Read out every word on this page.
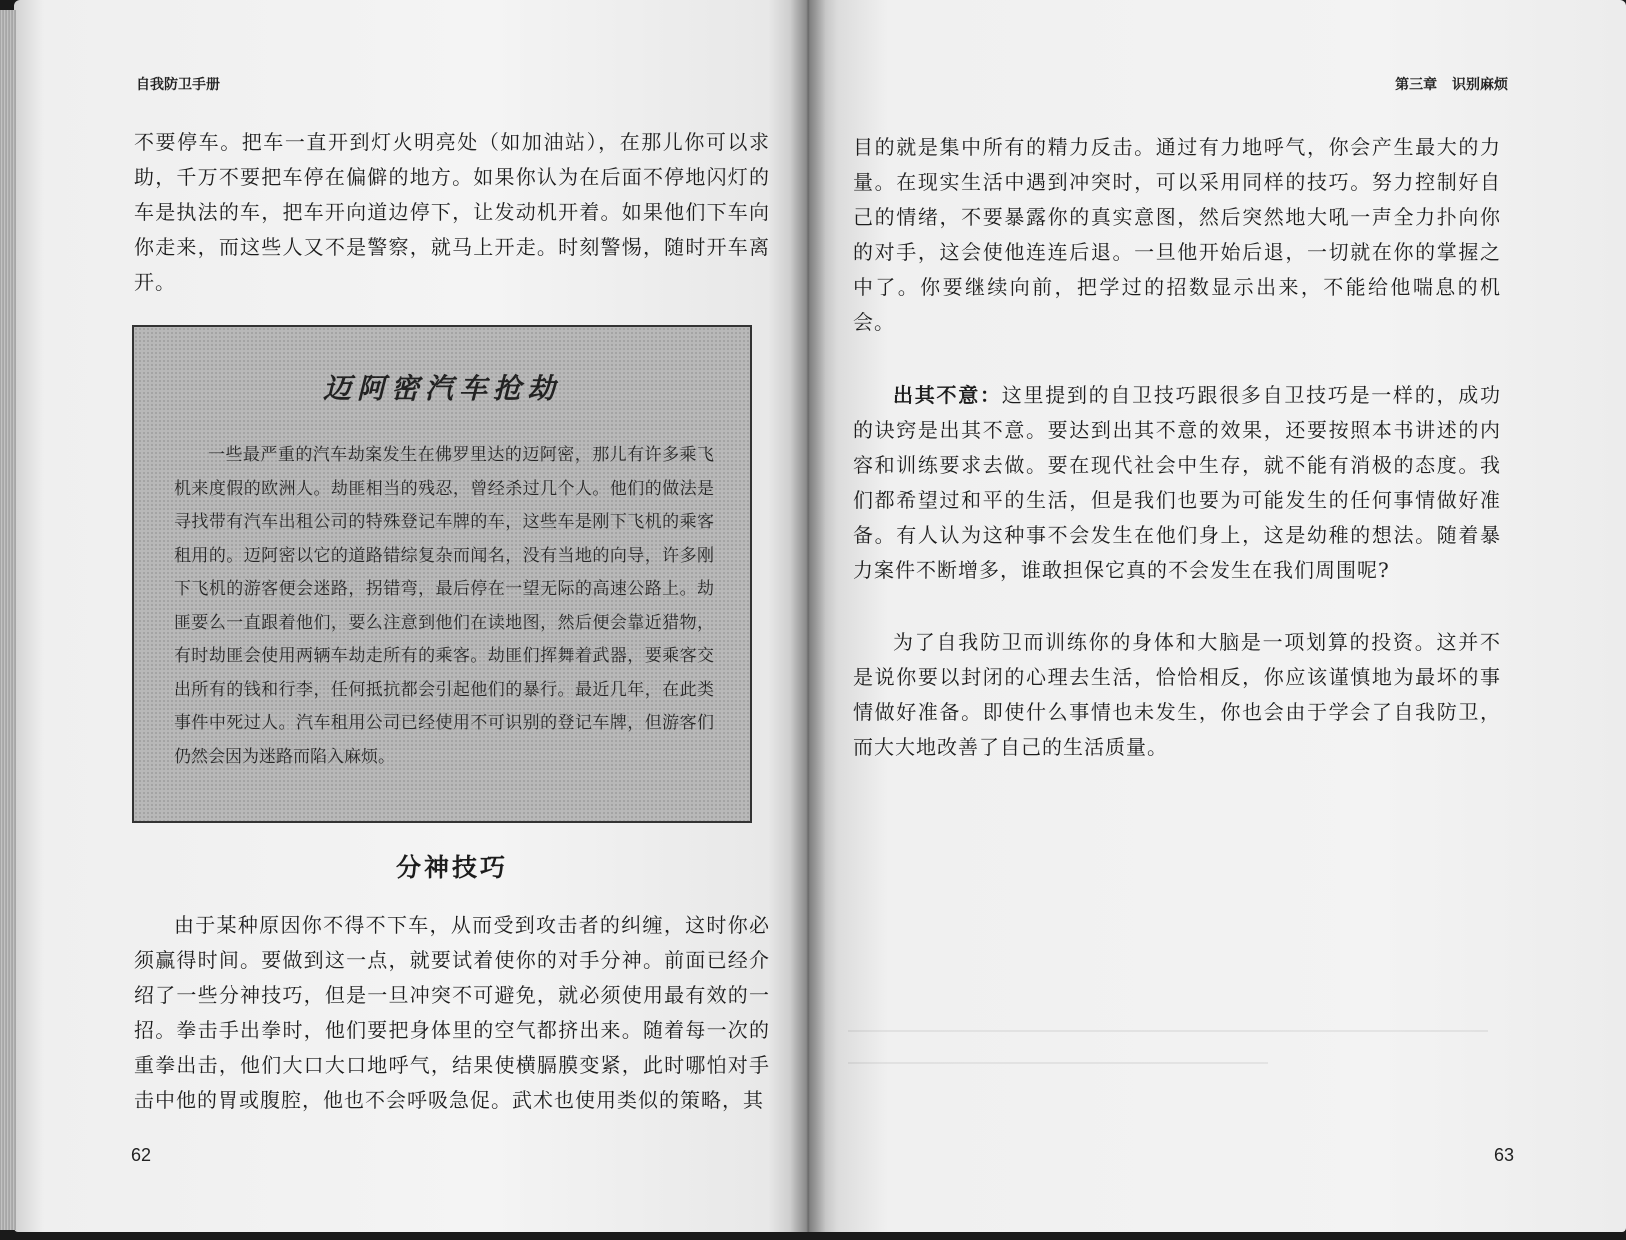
自我防卫手册

不要停车。把车一直开到灯火明亮处（如加油站），在那儿你可以求助，千万不要把车停在偏僻的地方。如果你认为在后面不停地闪灯的车是执法的车，把车开向道边停下，让发动机开着。如果他们下车向你走来，而这些人又不是警察，就马上开走。时刻警惕，随时开车离开。

迈阿密汽车抢劫

一些最严重的汽车劫案发生在佛罗里达的迈阿密，那儿有许多乘飞机来度假的欧洲人。劫匪相当的残忍，曾经杀过几个人。他们的做法是寻找带有汽车出租公司的特殊登记车牌的车，这些车是刚下飞机的乘客租用的。迈阿密以它的道路错综复杂而闻名，没有当地的向导，许多刚下飞机的游客便会迷路，拐错弯，最后停在一望无际的高速公路上。劫匪要么一直跟着他们，要么注意到他们在读地图，然后便会靠近猎物，有时劫匪会使用两辆车劫走所有的乘客。劫匪们挥舞着武器，要乘客交出所有的钱和行李，任何抵抗都会引起他们的暴行。最近几年，在此类事件中死过人。汽车租用公司已经使用不可识别的登记车牌，但游客们仍然会因为迷路而陷入麻烦。

分神技巧

由于某种原因你不得不下车，从而受到攻击者的纠缠，这时你必须赢得时间。要做到这一点，就要试着使你的对手分神。前面已经介绍了一些分神技巧，但是一旦冲突不可避免，就必须使用最有效的一招。拳击手出拳时，他们要把身体里的空气都挤出来。随着每一次的重拳出击，他们大口大口地呼气，结果使横膈膜变紧，此时哪怕对手击中他的胃或腹腔，他也不会呼吸急促。武术也使用类似的策略，其

62
第三章 识别麻烦

目的就是集中所有的精力反击。通过有力地呼气，你会产生最大的力量。在现实生活中遇到冲突时，可以采用同样的技巧。努力控制好自己的情绪，不要暴露你的真实意图，然后突然地大吼一声全力扑向你的对手，这会使他连连后退。一旦他开始后退，一切就在你的掌握之中了。你要继续向前，把学过的招数显示出来，不能给他喘息的机会。

出其不意：这里提到的自卫技巧跟很多自卫技巧是一样的，成功的诀窍是出其不意。要达到出其不意的效果，还要按照本书讲述的内容和训练要求去做。要在现代社会中生存，就不能有消极的态度。我们都希望过和平的生活，但是我们也要为可能发生的任何事情做好准备。有人认为这种事不会发生在他们身上，这是幼稚的想法。随着暴力案件不断增多，谁敢担保它真的不会发生在我们周围呢?

为了自我防卫而训练你的身体和大脑是一项划算的投资。这并不是说你要以封闭的心理去生活，恰恰相反，你应该谨慎地为最坏的事情做好准备。即使什么事情也未发生，你也会由于学会了自我防卫，而大大地改善了自己的生活质量。

63
